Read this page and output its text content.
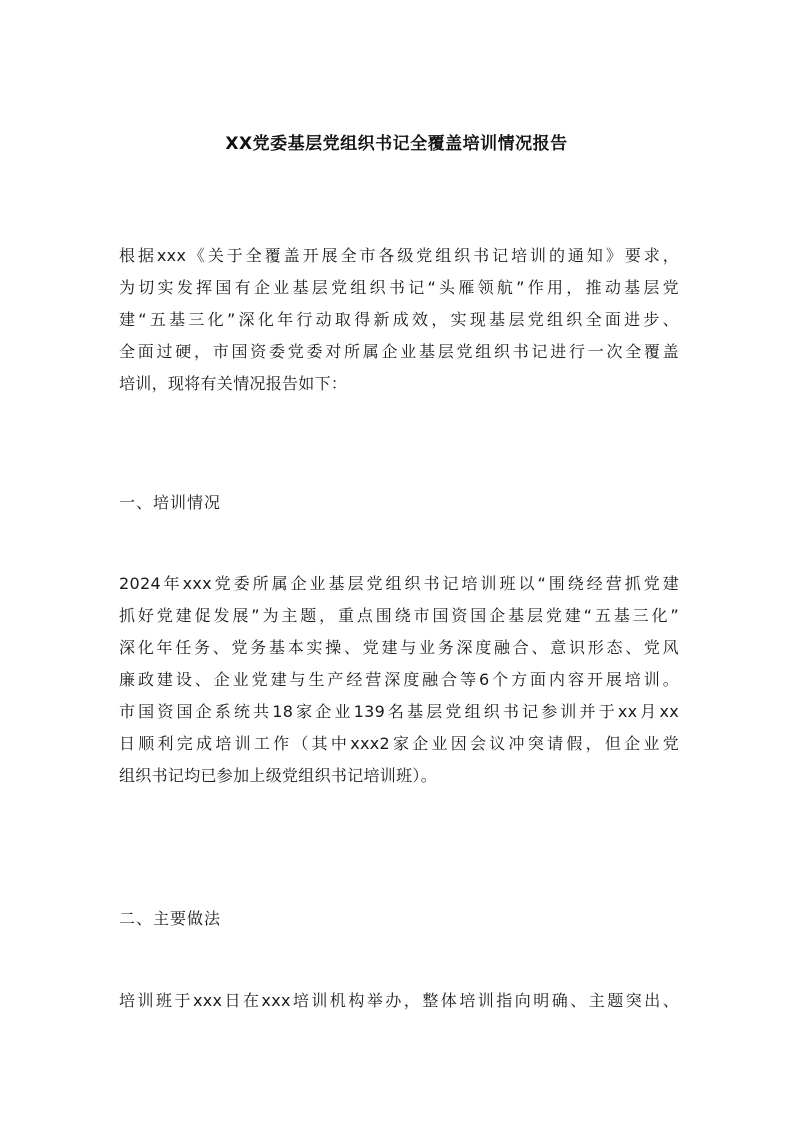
XX党委基层党组织书记全覆盖培训情况报告
根据xxx《关于全覆盖开展全市各级党组织书记培训的通知》要求，
为切实发挥国有企业基层党组织书记“头雁领航”作用，推动基层党
建“五基三化”深化年行动取得新成效，实现基层党组织全面进步、
全面过硬，市国资委党委对所属企业基层党组织书记进行一次全覆盖
培训，现将有关情况报告如下：
一、培训情况
2024年xxx党委所属企业基层党组织书记培训班以“围绕经营抓党建
抓好党建促发展”为主题，重点围绕市国资国企基层党建“五基三化”
深化年任务、党务基本实操、党建与业务深度融合、意识形态、党风
廉政建设、企业党建与生产经营深度融合等6个方面内容开展培训。
市国资国企系统共18家企业139名基层党组织书记参训并于xx月xx
日顺利完成培训工作（其中xxx2家企业因会议冲突请假，但企业党
组织书记均已参加上级党组织书记培训班）。
二、主要做法
培训班于xxx日在xxx培训机构举办，整体培训指向明确、主题突出、
